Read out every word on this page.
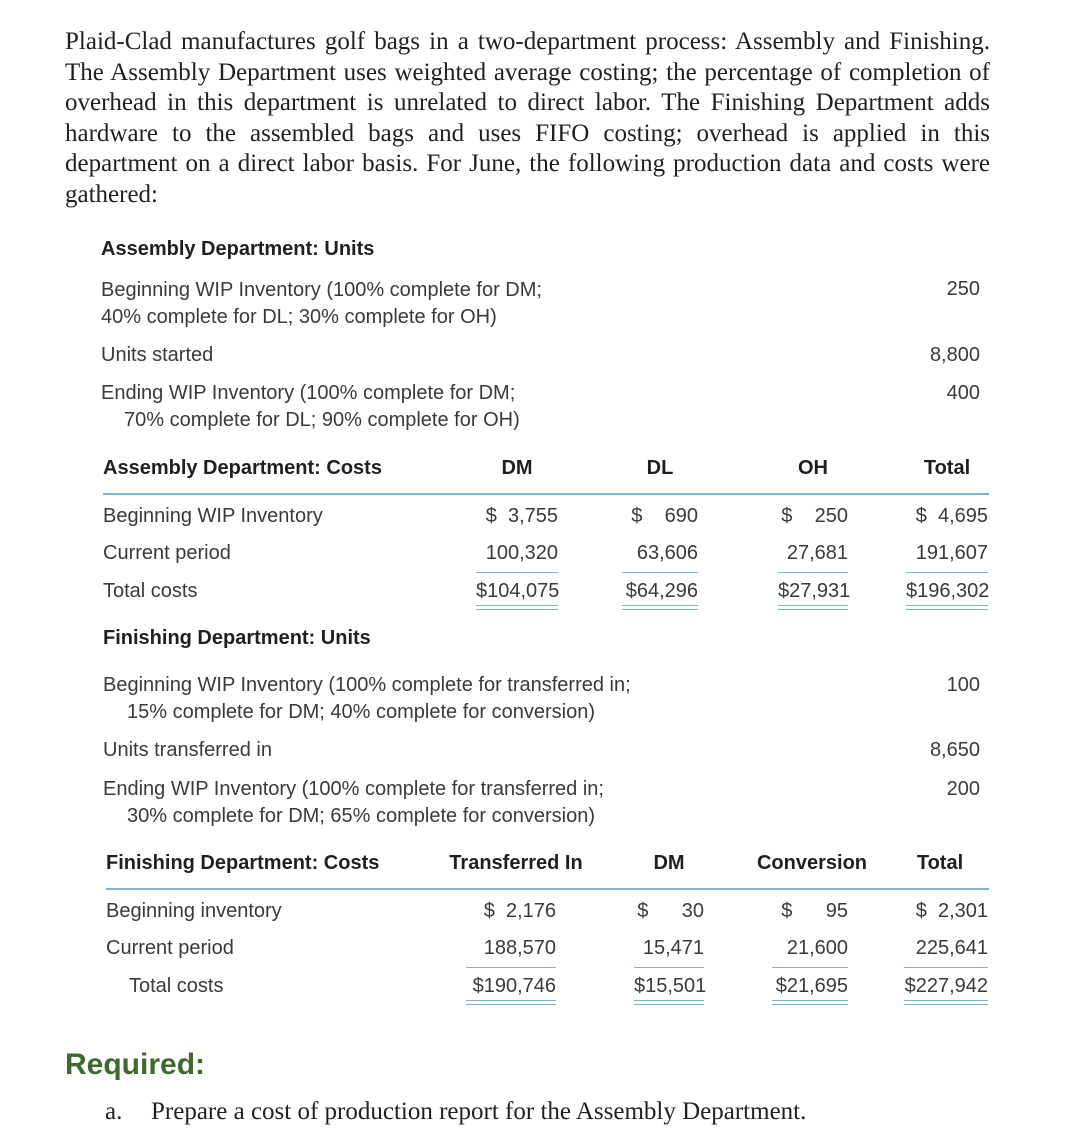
Plaid-Clad manufactures golf bags in a two-department process: Assembly and Finishing. The Assembly Department uses weighted average costing; the percentage of completion of overhead in this department is unrelated to direct labor. The Finishing Department adds hardware to the assembled bags and uses FIFO costing; overhead is applied in this department on a direct labor basis. For June, the following production data and costs were gathered:
Assembly Department: Units
Beginning WIP Inventory (100% complete for DM;
40% complete for DL; 30% complete for OH)
250
Units started	8,800
Ending WIP Inventory (100% complete for DM;
70% complete for DL; 90% complete for OH)
400
Assembly Department: Costs	DM	DL	OH	Total
Beginning WIP Inventory	$  3,755	$    690	$    250	$  4,695
Current period	100,320	63,606	27,681	191,607
Total costs	$104,075	$64,296	$27,931	$196,302
Finishing Department: Units
Beginning WIP Inventory (100% complete for transferred in;
15% complete for DM; 40% complete for conversion)
100
Units transferred in	8,650
Ending WIP Inventory (100% complete for transferred in;
30% complete for DM; 65% complete for conversion)
200
Finishing Department: Costs	Transferred In	DM	Conversion	Total
Beginning inventory	$  2,176	$      30	$      95	$  2,301
Current period	188,570	15,471	21,600	225,641
Total costs	$190,746	$15,501	$21,695	$227,942
Required:
a. Prepare a cost of production report for the Assembly Department.
